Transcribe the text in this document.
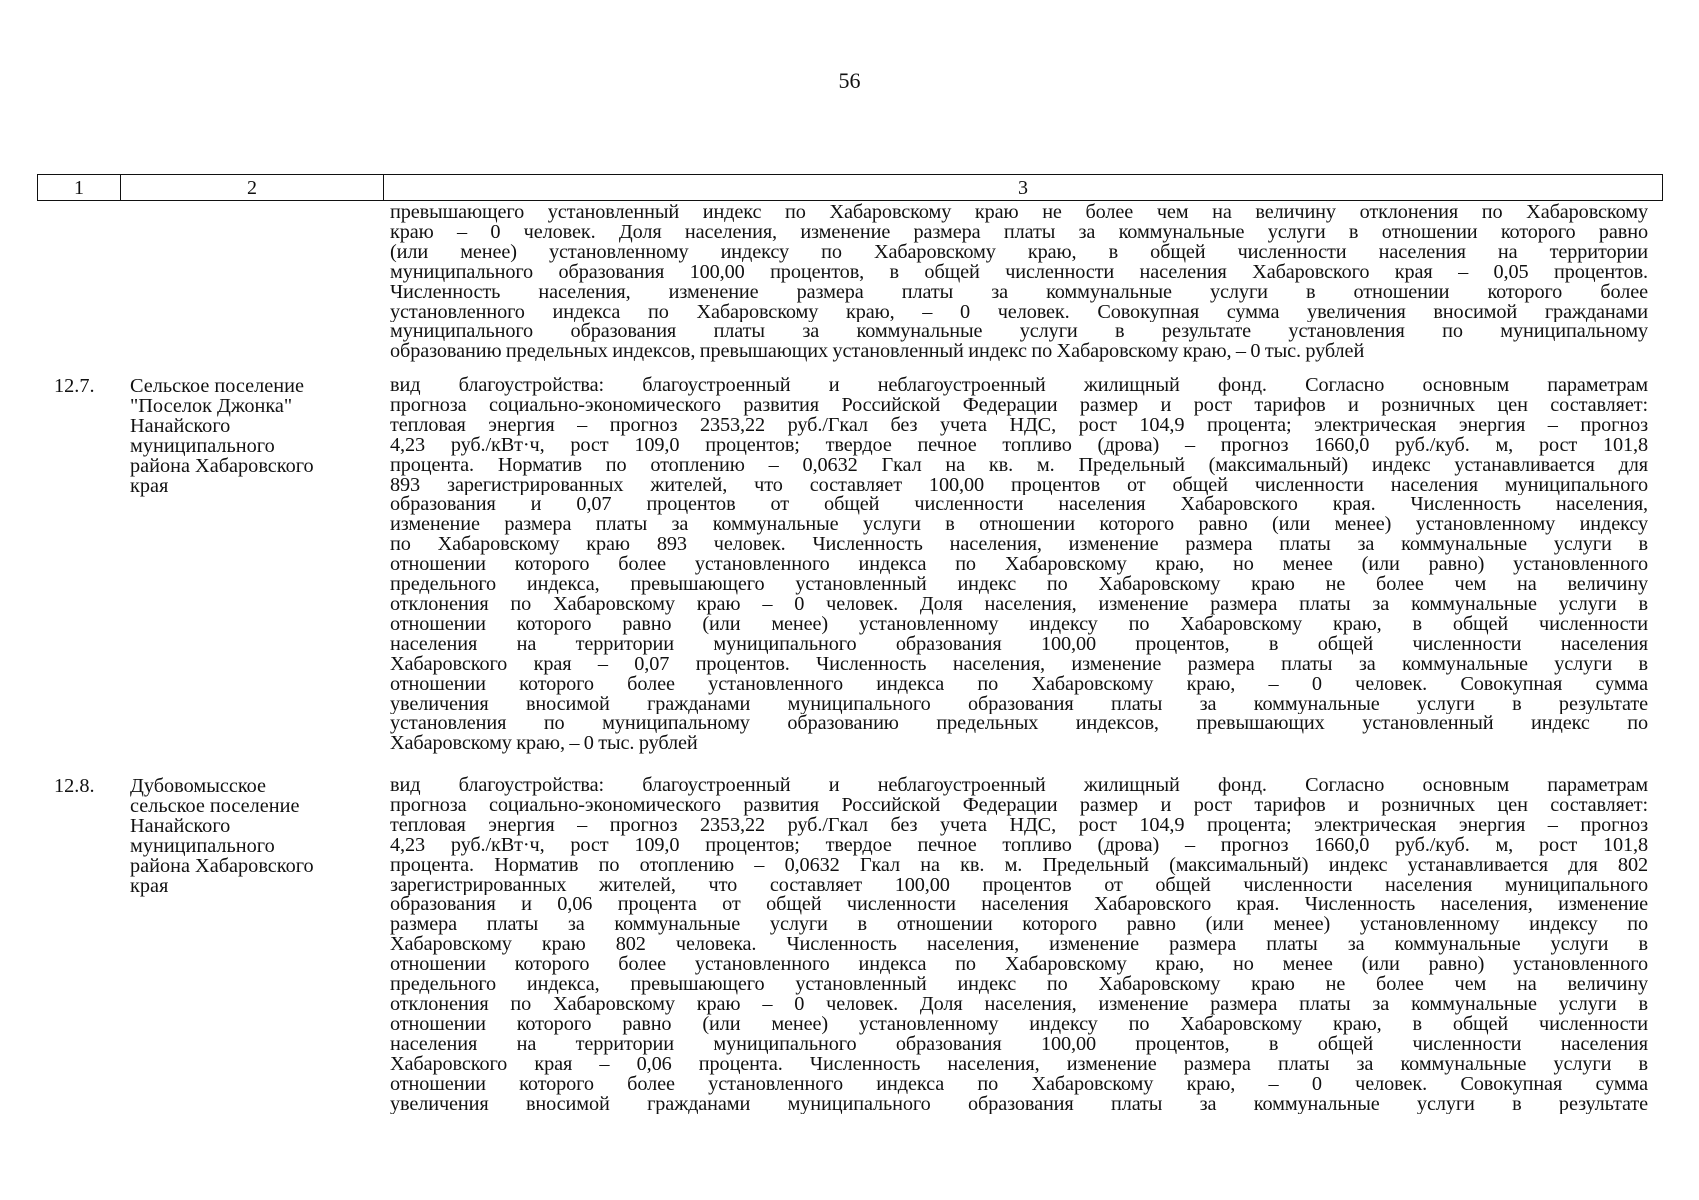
56
1	2	3
превышающего установленный индекс по Хабаровскому краю не более чем на величину отклонения по Хабаровскому
краю – 0 человек. Доля населения, изменение размера платы за коммунальные услуги в отношении которого равно
(или менее) установленному индексу по Хабаровскому краю, в общей численности населения на территории
муниципального образования 100,00 процентов, в общей численности населения Хабаровского края – 0,05 процентов.
Численность населения, изменение размера платы за коммунальные услуги в отношении которого более
установленного индекса по Хабаровскому краю, – 0 человек. Совокупная сумма увеличения вносимой гражданами
муниципального образования платы за коммунальные услуги в результате установления по муниципальному
образованию предельных индексов, превышающих установленный индекс по Хабаровскому краю, – 0 тыс. рублей
12.7. Сельское поселение
"Поселок Джонка"
Нанайского
муниципального
района Хабаровского
края
вид благоустройства: благоустроенный и неблагоустроенный жилищный фонд. Согласно основным параметрам
прогноза социально-экономического развития Российской Федерации размер и рост тарифов и розничных цен составляет:
тепловая энергия – прогноз 2353,22 руб./Гкал без учета НДС, рост 104,9 процента; электрическая энергия – прогноз
4,23 руб./кВт·ч, рост 109,0 процентов; твердое печное топливо (дрова) – прогноз 1660,0 руб./куб. м, рост 101,8
процента. Норматив по отоплению – 0,0632 Гкал на кв. м. Предельный (максимальный) индекс устанавливается для
893 зарегистрированных жителей, что составляет 100,00 процентов от общей численности населения муниципального
образования и 0,07 процентов от общей численности населения Хабаровского края. Численность населения,
изменение размера платы за коммунальные услуги в отношении которого равно (или менее) установленному индексу
по Хабаровскому краю 893 человек. Численность населения, изменение размера платы за коммунальные услуги в
отношении которого более установленного индекса по Хабаровскому краю, но менее (или равно) установленного
предельного индекса, превышающего установленный индекс по Хабаровскому краю не более чем на величину
отклонения по Хабаровскому краю – 0 человек. Доля населения, изменение размера платы за коммунальные услуги в
отношении которого равно (или менее) установленному индексу по Хабаровскому краю, в общей численности
населения на территории муниципального образования 100,00 процентов, в общей численности населения
Хабаровского края – 0,07 процентов. Численность населения, изменение размера платы за коммунальные услуги в
отношении которого более установленного индекса по Хабаровскому краю, – 0 человек. Совокупная сумма
увеличения вносимой гражданами муниципального образования платы за коммунальные услуги в результате
установления по муниципальному образованию предельных индексов, превышающих установленный индекс по
Хабаровскому краю, – 0 тыс. рублей
12.8. Дубовомысское
сельское поселение
Нанайского
муниципального
района Хабаровского
края
вид благоустройства: благоустроенный и неблагоустроенный жилищный фонд. Согласно основным параметрам
прогноза социально-экономического развития Российской Федерации размер и рост тарифов и розничных цен составляет:
тепловая энергия – прогноз 2353,22 руб./Гкал без учета НДС, рост 104,9 процента; электрическая энергия – прогноз
4,23 руб./кВт·ч, рост 109,0 процентов; твердое печное топливо (дрова) – прогноз 1660,0 руб./куб. м, рост 101,8
процента. Норматив по отоплению – 0,0632 Гкал на кв. м. Предельный (максимальный) индекс устанавливается для 802
зарегистрированных жителей, что составляет 100,00 процентов от общей численности населения муниципального
образования и 0,06 процента от общей численности населения Хабаровского края. Численность населения, изменение
размера платы за коммунальные услуги в отношении которого равно (или менее) установленному индексу по
Хабаровскому краю 802 человека. Численность населения, изменение размера платы за коммунальные услуги в
отношении которого более установленного индекса по Хабаровскому краю, но менее (или равно) установленного
предельного индекса, превышающего установленный индекс по Хабаровскому краю не более чем на величину
отклонения по Хабаровскому краю – 0 человек. Доля населения, изменение размера платы за коммунальные услуги в
отношении которого равно (или менее) установленному индексу по Хабаровскому краю, в общей численности
населения на территории муниципального образования 100,00 процентов, в общей численности населения
Хабаровского края – 0,06 процента. Численность населения, изменение размера платы за коммунальные услуги в
отношении которого более установленного индекса по Хабаровскому краю, – 0 человек. Совокупная сумма
увеличения вносимой гражданами муниципального образования платы за коммунальные услуги в результате
